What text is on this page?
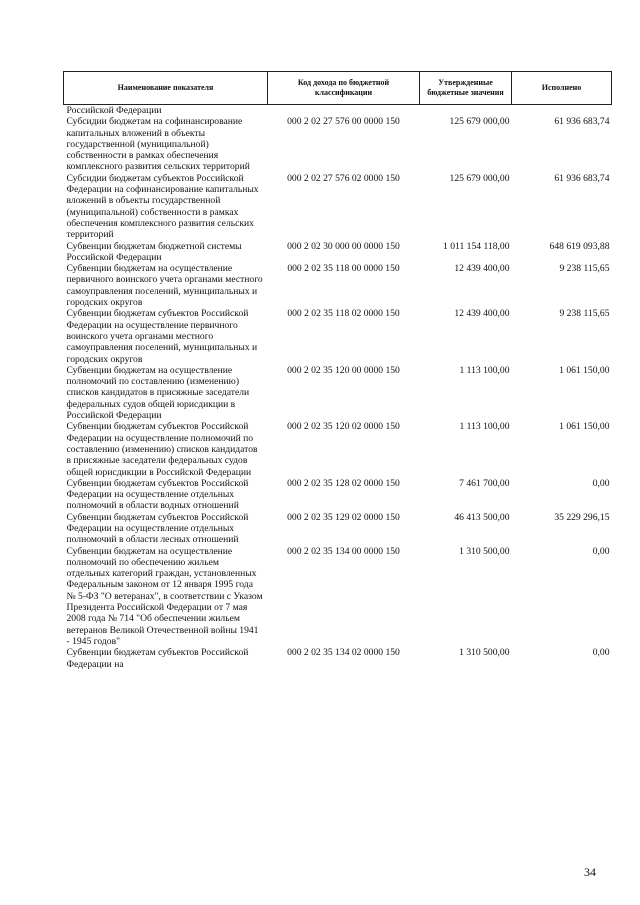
Наименование показателя	Код дохода по бюджетной классификации	Утвержденные бюджетные значения	Исполнено
Российской Федерации			
Субсидии бюджетам на софинансирование капитальных вложений в объекты государственной (муниципальной) собственности в рамках обеспечения комплексного развития сельских территорий	000 2 02 27 576 00 0000 150	125 679 000,00	61 936 683,74
Субсидии бюджетам субъектов Российской Федерации на софинансирование капитальных вложений в объекты государственной (муниципальной) собственности в рамках обеспечения комплексного развития сельских территорий	000 2 02 27 576 02 0000 150	125 679 000,00	61 936 683,74
Субвенции бюджетам бюджетной системы Российской Федерации	000 2 02 30 000 00 0000 150	1 011 154 118,00	648 619 093,88
Субвенции бюджетам на осуществление первичного воинского учета органами местного самоуправления поселений, муниципальных и городских округов	000 2 02 35 118 00 0000 150	12 439 400,00	9 238 115,65
Субвенции бюджетам субъектов Российской Федерации на осуществление первичного воинского учета органами местного самоуправления поселений, муниципальных и городских округов	000 2 02 35 118 02 0000 150	12 439 400,00	9 238 115,65
Субвенции бюджетам на осуществление полномочий по составлению (изменению) списков кандидатов в присяжные заседатели федеральных судов общей юрисдикции в Российской Федерации	000 2 02 35 120 00 0000 150	1 113 100,00	1 061 150,00
Субвенции бюджетам субъектов Российской Федерации на осуществление полномочий по составлению (изменению) списков кандидатов в присяжные заседатели федеральных судов общей юрисдикции в Российской Федерации	000 2 02 35 120 02 0000 150	1 113 100,00	1 061 150,00
Субвенции бюджетам субъектов Российской Федерации на осуществление отдельных полномочий в области водных отношений	000 2 02 35 128 02 0000 150	7 461 700,00	0,00
Субвенции бюджетам субъектов Российской Федерации на осуществление отдельных полномочий в области лесных отношений	000 2 02 35 129 02 0000 150	46 413 500,00	35 229 296,15
Субвенции бюджетам на осуществление полномочий по обеспечению жильем отдельных категорий граждан, установленных Федеральным законом от 12 января 1995 года № 5-ФЗ "О ветеранах", в соответствии с Указом Президента Российской Федерации от 7 мая 2008 года № 714 "Об обеспечении жильем ветеранов Великой Отечественной войны 1941 - 1945 годов"	000 2 02 35 134 00 0000 150	1 310 500,00	0,00
Субвенции бюджетам субъектов Российской Федерации на	000 2 02 35 134 02 0000 150	1 310 500,00	0,00
34
